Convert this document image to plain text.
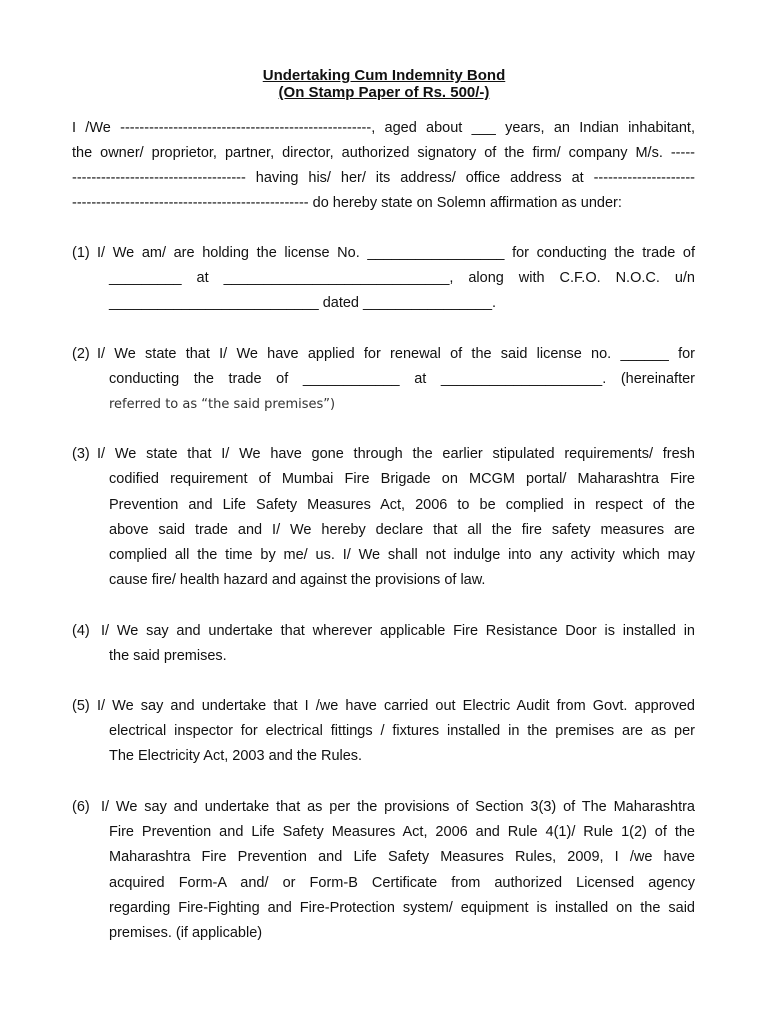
Undertaking Cum Indemnity Bond

(On Stamp Paper of Rs. 500/-)

I /We ----------------------------------------------------, aged about ___ years, an Indian inhabitant,
the owner/ proprietor, partner, director, authorized signatory of the firm/ company M/s. -----
------------------------------------ having his/ her/ its address/ office address at ---------------------
------------------------------------------------- do hereby state on Solemn affirmation as under:
(1) I/ We am/ are holding the license No. _________________ for conducting the trade of
_________ at ____________________________, along with C.F.O. N.O.C. u/n
__________________________ dated ________________.
(2) I/ We state that I/ We have applied for renewal of the said license no. ______ for
conducting the trade of ____________ at ____________________. (hereinafter
referred to as “the said premises”)
(3) I/ We state that I/ We have gone through the earlier stipulated requirements/ fresh
codified requirement of Mumbai Fire Brigade on MCGM portal/ Maharashtra Fire
Prevention and Life Safety Measures Act, 2006 to be complied in respect of the
above said trade and I/ We hereby declare that all the fire safety measures are
complied all the time by me/ us. I/ We shall not indulge into any activity which may
cause fire/ health hazard and against the provisions of law.
(4) I/ We say and undertake that wherever applicable Fire Resistance Door is installed in
the said premises.
(5) I/ We say and undertake that I /we have carried out Electric Audit from Govt. approved
electrical inspector for electrical fittings / fixtures installed in the premises are as per
The Electricity Act, 2003 and the Rules.
(6) I/ We say and undertake that as per the provisions of Section 3(3) of The Maharashtra
Fire Prevention and Life Safety Measures Act, 2006 and Rule 4(1)/ Rule 1(2) of the
Maharashtra Fire Prevention and Life Safety Measures Rules, 2009, I /we have
acquired Form-A and/ or Form-B Certificate from authorized Licensed agency
regarding Fire-Fighting and Fire-Protection system/ equipment is installed on the said
premises. (if applicable)
